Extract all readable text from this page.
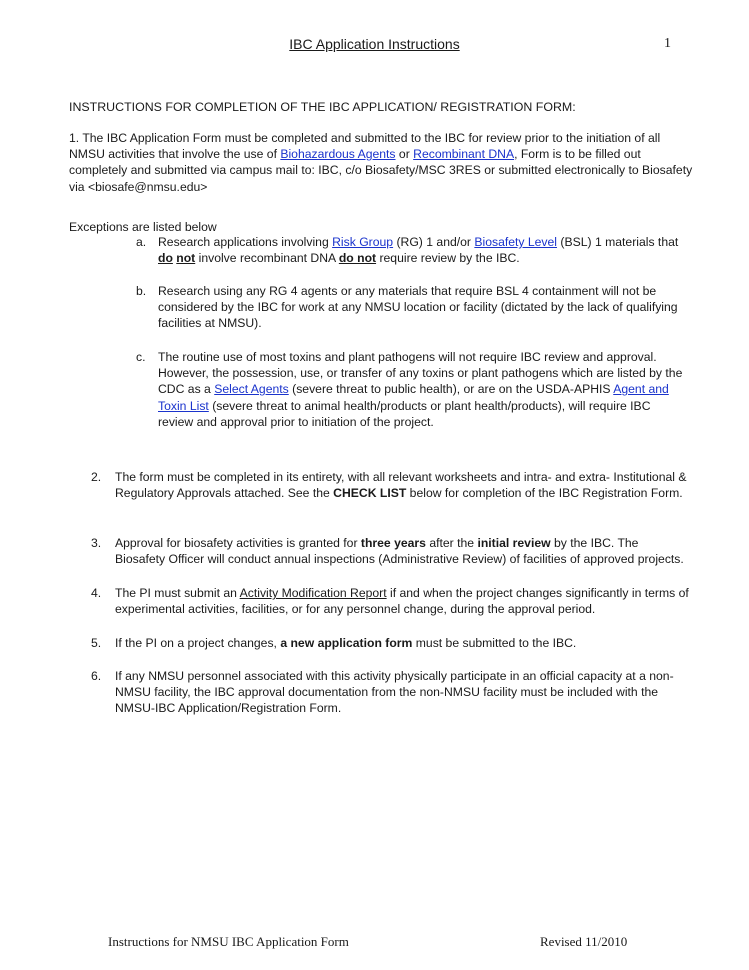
IBC Application Instructions	1
INSTRUCTIONS FOR COMPLETION OF THE IBC APPLICATION/ REGISTRATION FORM:
1. The IBC Application Form must be completed and submitted to the IBC for review prior to the initiation of all NMSU activities that involve the use of Biohazardous Agents or Recombinant DNA, Form is to be filled out completely and submitted via campus mail to: IBC, c/o Biosafety/MSC 3RES or submitted electronically to Biosafety via <biosafe@nmsu.edu>
Exceptions are listed below
a. Research applications involving Risk Group (RG) 1 and/or Biosafety Level (BSL) 1 materials that do not involve recombinant DNA do not require review by the IBC.
b. Research using any RG 4 agents or any materials that require BSL 4 containment will not be considered by the IBC for work at any NMSU location or facility (dictated by the lack of qualifying facilities at NMSU).
c. The routine use of most toxins and plant pathogens will not require IBC review and approval. However, the possession, use, or transfer of any toxins or plant pathogens which are listed by the CDC as a Select Agents (severe threat to public health), or are on the USDA-APHIS Agent and Toxin List (severe threat to animal health/products or plant health/products), will require IBC review and approval prior to initiation of the project.
2. The form must be completed in its entirety, with all relevant worksheets and intra- and extra- Institutional & Regulatory Approvals attached. See the CHECK LIST below for completion of the IBC Registration Form.
3. Approval for biosafety activities is granted for three years after the initial review by the IBC. The Biosafety Officer will conduct annual inspections (Administrative Review) of facilities of approved projects.
4. The PI must submit an Activity Modification Report if and when the project changes significantly in terms of experimental activities, facilities, or for any personnel change, during the approval period.
5. If the PI on a project changes, a new application form must be submitted to the IBC.
6. If any NMSU personnel associated with this activity physically participate in an official capacity at a non-NMSU facility, the IBC approval documentation from the non-NMSU facility must be included with the NMSU-IBC Application/Registration Form.
Instructions for NMSU IBC Application Form	Revised 11/2010
